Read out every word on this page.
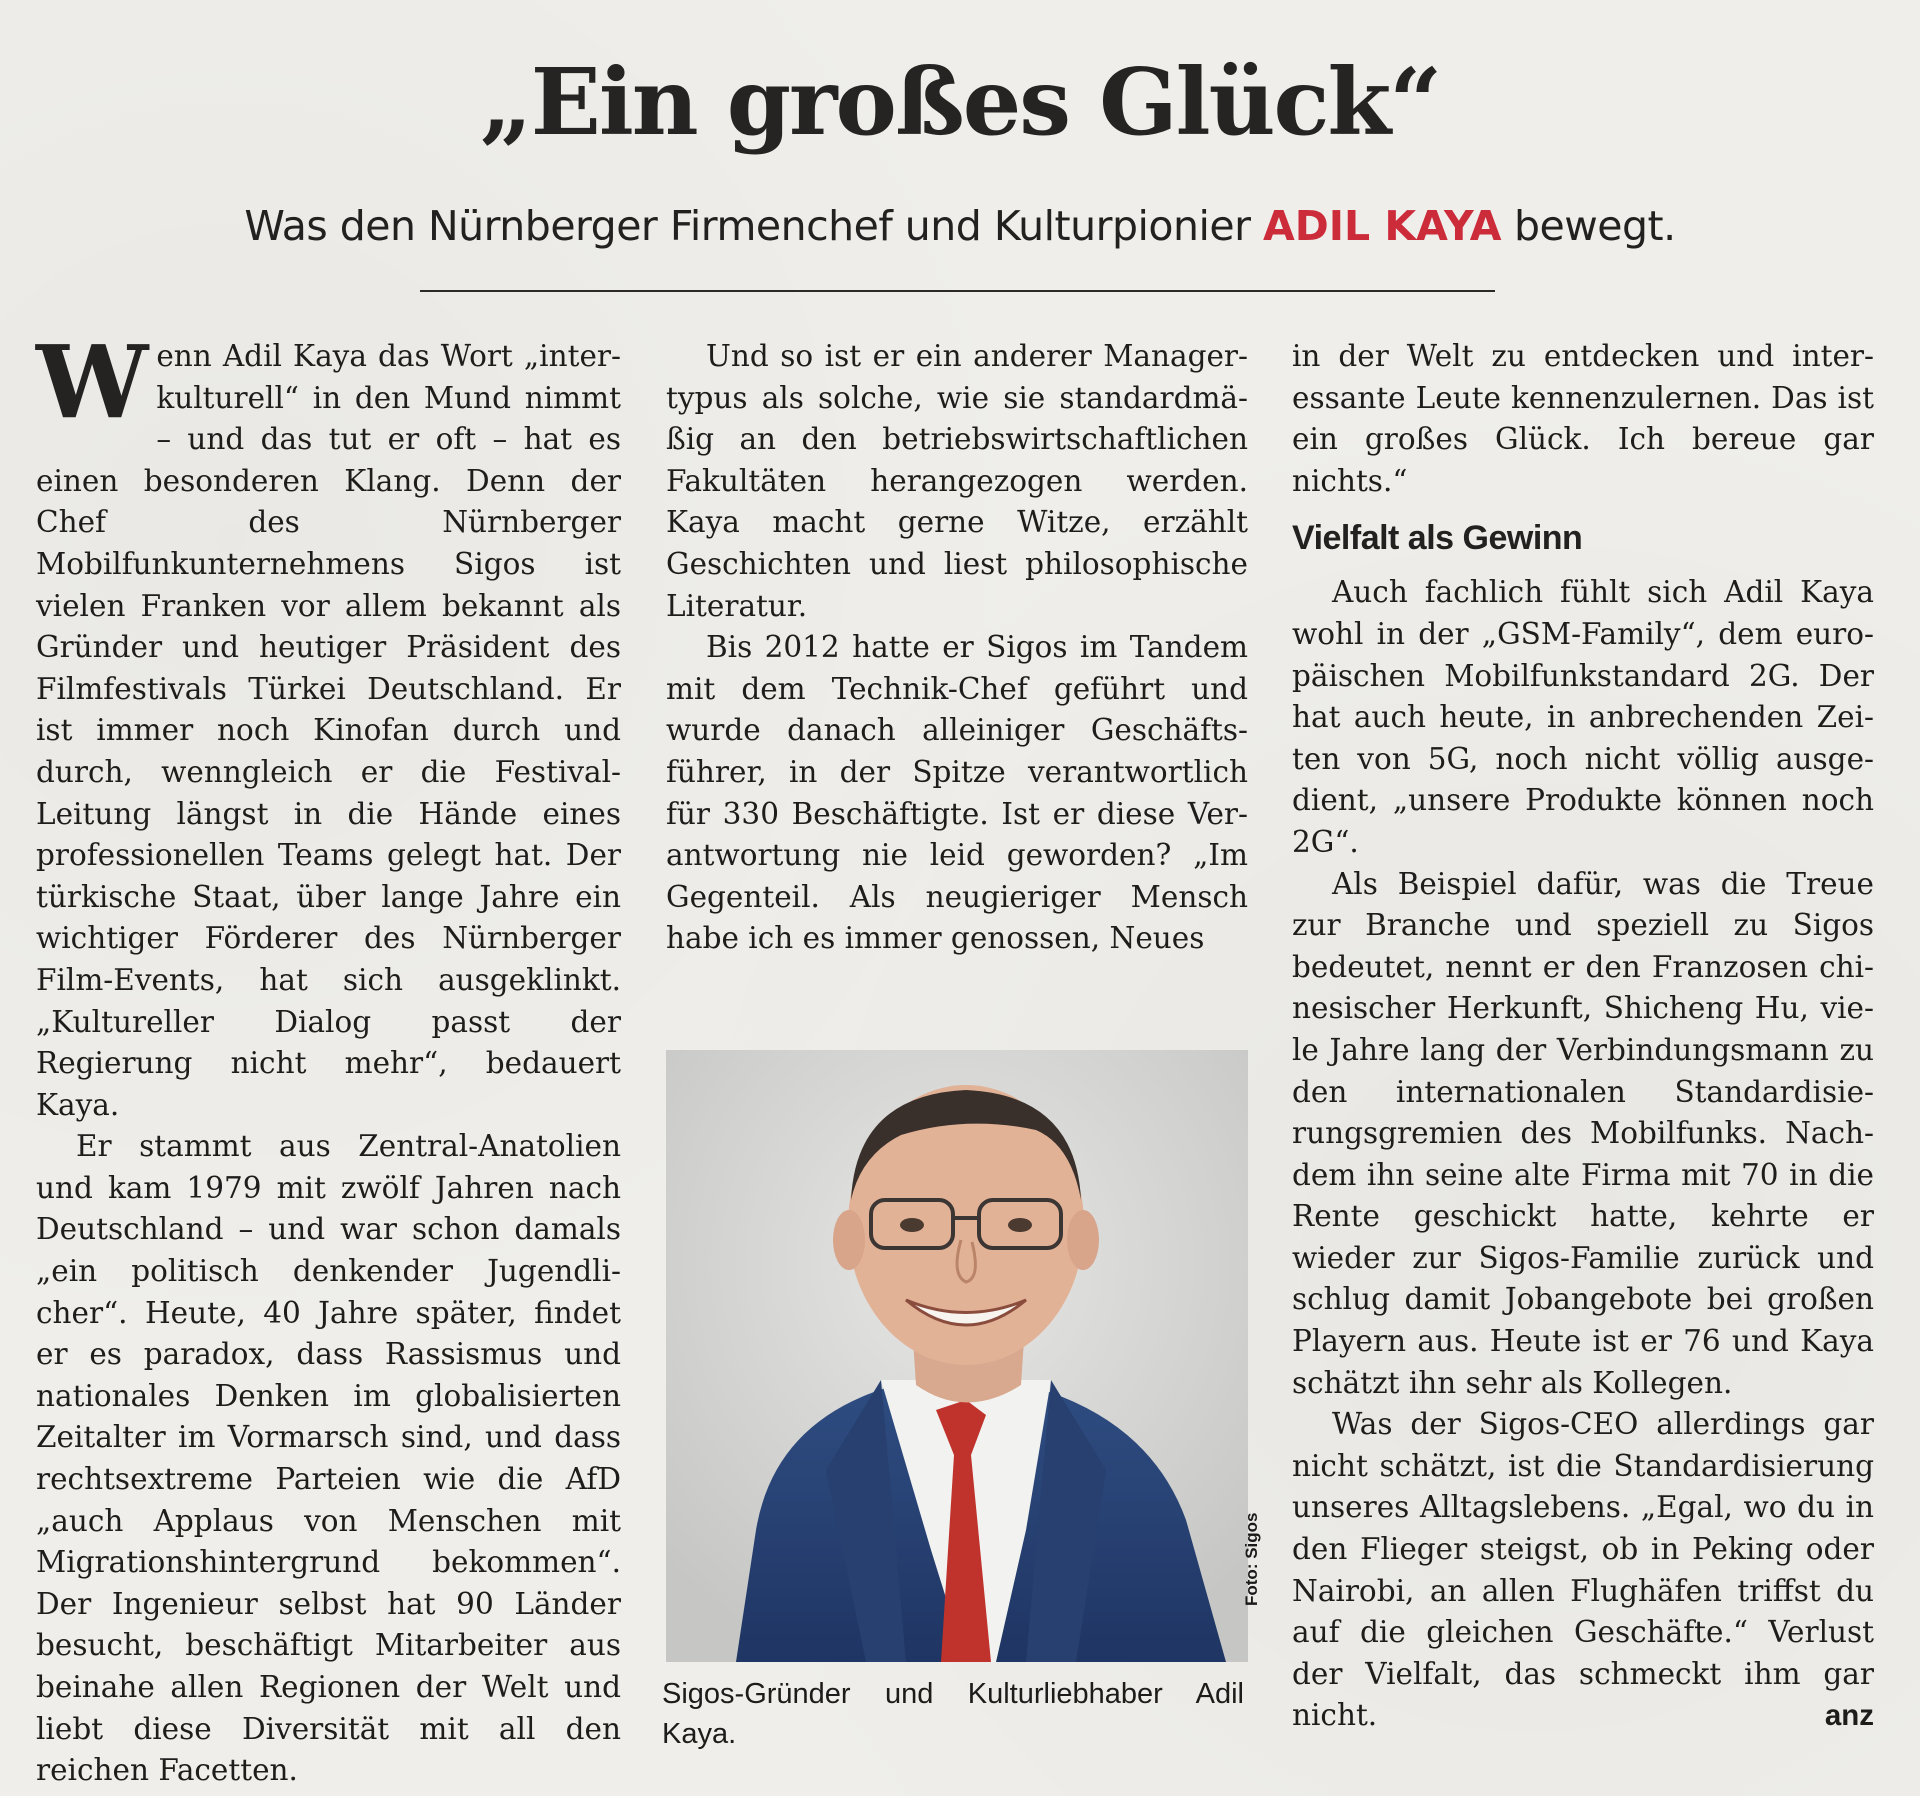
„Ein großes Glück“

Was den Nürnberger Firmenchef und Kulturpionier ADIL KAYA bewegt.

Wenn Adil Kaya das Wort „interkulturell“ in den Mund nimmt – und das tut er oft – hat es einen besonderen Klang. Denn der Chef des Nürnberger Mobilfunkunternehmens Sigos ist vielen Franken vor allem bekannt als Gründer und heutiger Präsident des Filmfestivals Türkei Deutschland. Er ist immer noch Kinofan durch und durch, wenngleich er die Festival-Leitung längst in die Hände eines professionellen Teams gelegt hat. Der türkische Staat, über lange Jahre ein wichtiger Förderer des Nürnberger Film-Events, hat sich ausgeklinkt. „Kultureller Dialog passt der Regierung nicht mehr“, bedauert Kaya.

Er stammt aus Zentral-Anatolien und kam 1979 mit zwölf Jahren nach Deutschland – und war schon damals „ein politisch denkender Jugendlicher“. Heute, 40 Jahre später, findet er es paradox, dass Rassismus und nationales Denken im globalisierten Zeitalter im Vormarsch sind, und dass rechtsextreme Parteien wie die AfD „auch Applaus von Menschen mit Migrationshintergrund bekommen“. Der Ingenieur selbst hat 90 Länder besucht, beschäftigt Mitarbeiter aus beinahe allen Regionen der Welt und liebt diese Diversität mit all den reichen Facetten.

Und so ist er ein anderer Managertypus als solche, wie sie standardmäßig an den betriebswirtschaftlichen Fakultäten herangezogen werden. Kaya macht gerne Witze, erzählt Geschichten und liest philosophische Literatur.

Bis 2012 hatte er Sigos im Tandem mit dem Technik-Chef geführt und wurde danach alleiniger Geschäftsführer, in der Spitze verantwortlich für 330 Beschäftigte. Ist er diese Verantwortung nie leid geworden? „Im Gegenteil. Als neugieriger Mensch habe ich es immer genossen, Neues

Foto: Sigos
Sigos-Gründer und Kulturliebhaber Adil Kaya.

in der Welt zu entdecken und interessante Leute kennenzulernen. Das ist ein großes Glück. Ich bereue gar nichts.“

Vielfalt als Gewinn

Auch fachlich fühlt sich Adil Kaya wohl in der „GSM-Family“, dem europäischen Mobilfunkstandard 2G. Der hat auch heute, in anbrechenden Zeiten von 5G, noch nicht völlig ausgedient, „unsere Produkte können noch 2G“.

Als Beispiel dafür, was die Treue zur Branche und speziell zu Sigos bedeutet, nennt er den Franzosen chinesischer Herkunft, Shicheng Hu, viele Jahre lang der Verbindungsmann zu den internationalen Standardisierungsgremien des Mobilfunks. Nachdem ihn seine alte Firma mit 70 in die Rente geschickt hatte, kehrte er wieder zur Sigos-Familie zurück und schlug damit Jobangebote bei großen Playern aus. Heute ist er 76 und Kaya schätzt ihn sehr als Kollegen.

Was der Sigos-CEO allerdings gar nicht schätzt, ist die Standardisierung unseres Alltagslebens. „Egal, wo du in den Flieger steigst, ob in Peking oder Nairobi, an allen Flughäfen triffst du auf die gleichen Geschäfte.“ Verlust der Vielfalt, das schmeckt ihm gar nicht.	anz
